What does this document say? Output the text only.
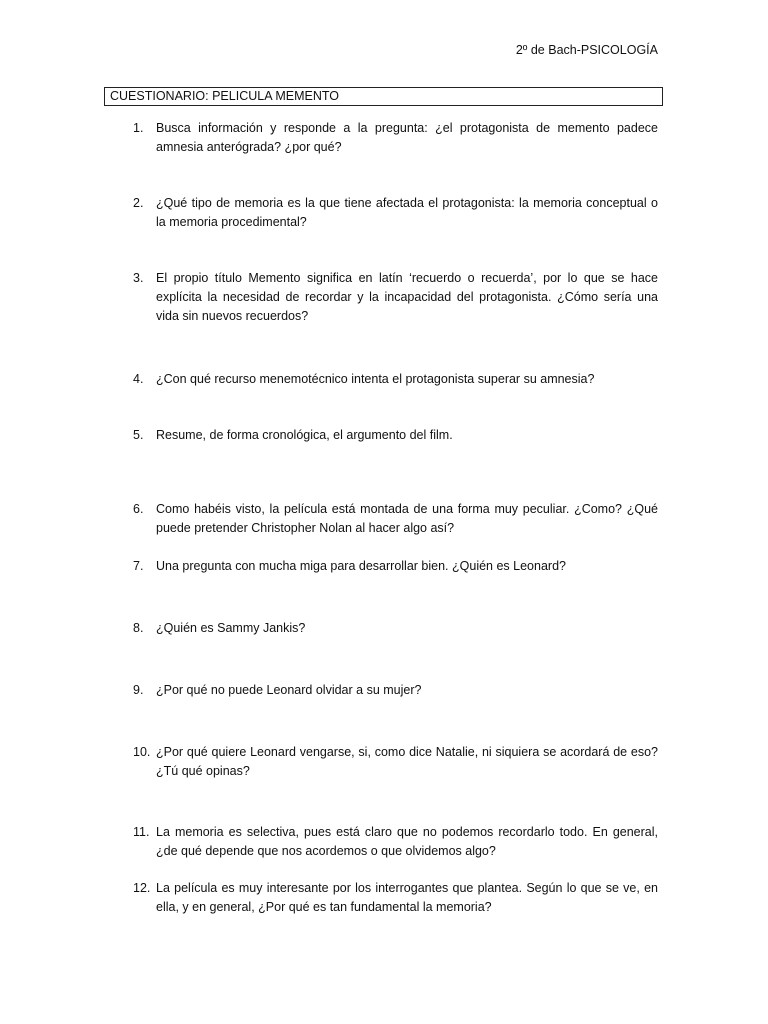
2º de Bach-PSICOLOGÍA
CUESTIONARIO: PELICULA MEMENTO
1.	Busca información y responde a la pregunta: ¿el protagonista de memento padece amnesia anterógrada? ¿por qué?
2.	¿Qué tipo de memoria es la que tiene afectada el protagonista: la memoria conceptual o la memoria procedimental?
3.	El propio título Memento significa en latín ‘recuerdo o recuerda’, por lo que se hace explícita la necesidad de recordar y la incapacidad del protagonista. ¿Cómo sería una vida sin nuevos recuerdos?
4.	¿Con qué recurso menemotécnico intenta el protagonista superar su amnesia?
5.	Resume, de forma cronológica, el argumento del film.
6.	Como habéis visto, la película está montada de una forma muy peculiar. ¿Como? ¿Qué puede pretender Christopher Nolan al hacer algo así?
7.	Una pregunta con mucha miga para desarrollar bien. ¿Quién es Leonard?
8.	¿Quién es Sammy Jankis?
9.	¿Por qué no puede Leonard olvidar a su mujer?
10. ¿Por qué quiere Leonard vengarse, si, como dice Natalie, ni siquiera se acordará de eso? ¿Tú qué opinas?
11. La memoria es selectiva, pues está claro que no podemos recordarlo todo. En general, ¿de qué depende que nos acordemos o que olvidemos algo?
12. La película es muy interesante por los interrogantes que plantea. Según lo que se ve, en ella, y en general, ¿Por qué es tan fundamental la memoria?
